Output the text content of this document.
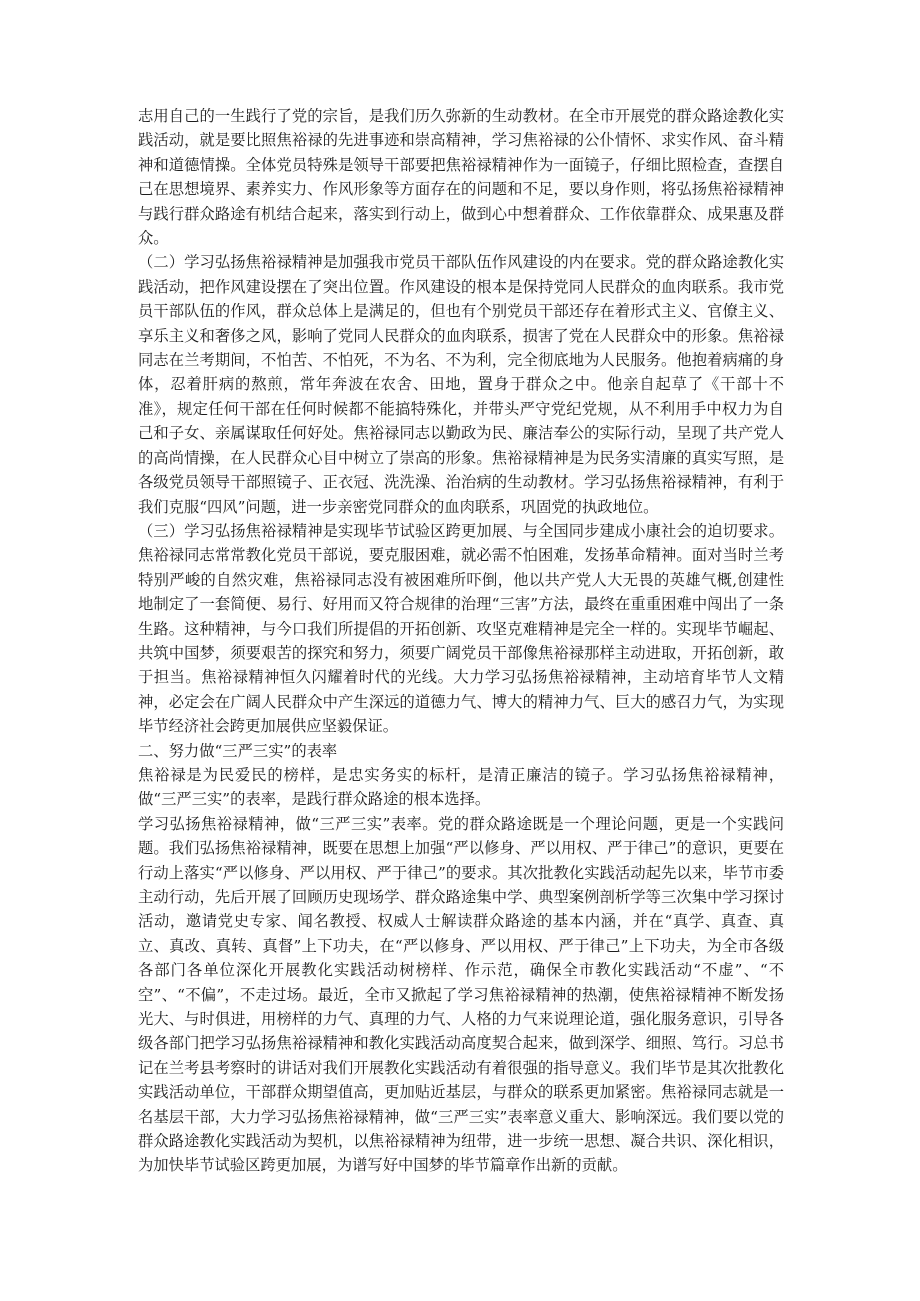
志用自己的一生践行了党的宗旨，是我们历久弥新的生动教材。在全市开展党的群众路途教化实践活动，就是要比照焦裕禄的先进事迹和崇高精神，学习焦裕禄的公仆情怀、求实作风、奋斗精神和道德情操。全体党员特殊是领导干部要把焦裕禄精神作为一面镜子，仔细比照检查，查摆自己在思想境界、素养实力、作风形象等方面存在的问题和不足，要以身作则，将弘扬焦裕禄精神与践行群众路途有机结合起来，落实到行动上，做到心中想着群众、工作依靠群众、成果惠及群众。

（二）学习弘扬焦裕禄精神是加强我市党员干部队伍作风建设的内在要求。党的群众路途教化实践活动，把作风建设摆在了突出位置。作风建设的根本是保持党同人民群众的血肉联系。我市党员干部队伍的作风，群众总体上是满足的，但也有个别党员干部还存在着形式主义、官僚主义、享乐主义和奢侈之风，影响了党同人民群众的血肉联系，损害了党在人民群众中的形象。焦裕禄同志在兰考期间，不怕苦、不怕死，不为名、不为利，完全彻底地为人民服务。他抱着病痛的身体，忍着肝病的熬煎，常年奔波在农舍、田地，置身于群众之中。他亲自起草了《干部十不准》，规定任何干部在任何时候都不能搞特殊化，并带头严守党纪党规，从不利用手中权力为自己和子女、亲属谋取任何好处。焦裕禄同志以勤政为民、廉洁奉公的实际行动，呈现了共产党人的高尚情操，在人民群众心目中树立了崇高的形象。焦裕禄精神是为民务实清廉的真实写照，是各级党员领导干部照镜子、正衣冠、洗洗澡、治治病的生动教材。学习弘扬焦裕禄精神，有利于我们克服“四风”问题，进一步亲密党同群众的血肉联系，巩固党的执政地位。

（三）学习弘扬焦裕禄精神是实现毕节试验区跨更加展、与全国同步建成小康社会的迫切要求。焦裕禄同志常常教化党员干部说，要克服困难，就必需不怕困难，发扬革命精神。面对当时兰考特别严峻的自然灾难，焦裕禄同志没有被困难所吓倒，他以共产党人大无畏的英雄气概,创建性地制定了一套简便、易行、好用而又符合规律的治理“三害”方法，最终在重重困难中闯出了一条生路。这种精神，与今口我们所提倡的开拓创新、攻坚克难精神是完全一样的。实现毕节崛起、共筑中国梦，须要艰苦的探究和努力，须要广阔党员干部像焦裕禄那样主动进取，开拓创新，敢于担当。焦裕禄精神恒久闪耀着时代的光线。大力学习弘扬焦裕禄精神，主动培育毕节人文精神，必定会在广阔人民群众中产生深远的道德力气、博大的精神力气、巨大的感召力气，为实现毕节经济社会跨更加展供应坚毅保证。

二、努力做“三严三实”的表率

焦裕禄是为民爱民的榜样，是忠实务实的标杆，是清正廉洁的镜子。学习弘扬焦裕禄精神，做“三严三实”的表率，是践行群众路途的根本选择。

学习弘扬焦裕禄精神，做“三严三实”表率。党的群众路途既是一个理论问题，更是一个实践问题。我们弘扬焦裕禄精神，既要在思想上加强“严以修身、严以用权、严于律己”的意识，更要在行动上落实“严以修身、严以用权、严于律己”的要求。其次批教化实践活动起先以来，毕节市委主动行动，先后开展了回顾历史现场学、群众路途集中学、典型案例剖析学等三次集中学习探讨活动，邀请党史专家、闻名教授、权威人士解读群众路途的基本内涵，并在“真学、真查、真立、真改、真转、真督”上下功夫，在“严以修身、严以用权、严于律己”上下功夫，为全市各级各部门各单位深化开展教化实践活动树榜样、作示范，确保全市教化实践活动“不虚”、“不空”、“不偏”，不走过场。最近，全市又掀起了学习焦裕禄精神的热潮，使焦裕禄精神不断发扬光大、与时俱进，用榜样的力气、真理的力气、人格的力气来说理论道，强化服务意识，引导各级各部门把学习弘扬焦裕禄精神和教化实践活动高度契合起来，做到深学、细照、笃行。习总书记在兰考县考察时的讲话对我们开展教化实践活动有着很强的指导意义。我们毕节是其次批教化实践活动单位，干部群众期望值高，更加贴近基层，与群众的联系更加紧密。焦裕禄同志就是一名基层干部，大力学习弘扬焦裕禄精神，做“三严三实”表率意义重大、影响深远。我们要以党的群众路途教化实践活动为契机，以焦裕禄精神为纽带，进一步统一思想、凝合共识、深化相识，为加快毕节试验区跨更加展，为谱写好中国梦的毕节篇章作出新的贡献。
